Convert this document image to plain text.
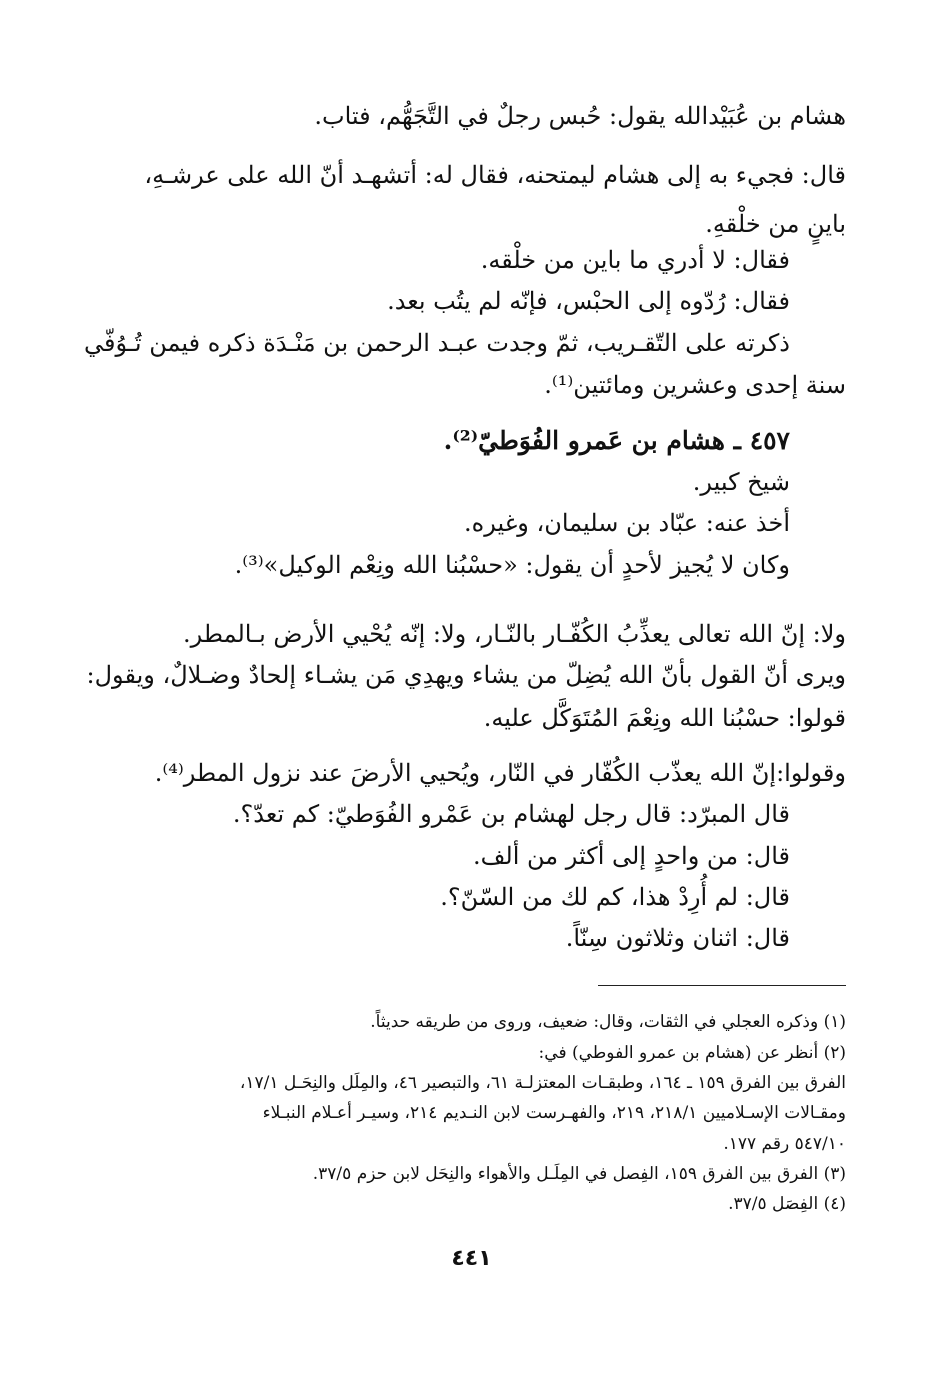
هشام بن عُبَيْدالله يقول: حُبس رجلٌ في التَّجَهُّم، فتاب.
قال: فجيء به إلى هشام ليمتحنه، فقال له: أتشهـد أنّ الله على عرشـهِ،
باينٍ من خلْقهِ.
فقال: لا أدري ما باين من خلْقه.
فقال: رُدّوه إلى الحبْس، فإنّه لم يتُب بعد.
ذكرته على التّقـريب، ثمّ وجدت عبـد الرحمن بن مَنْـدَة ذكره فيمن تُـوُفّي
سنة إحدى وعشرين ومائتين⁽¹⁾.
٤٥٧ ـ هشام بن عَمرو الفُوَطيّ⁽²⁾.
شيخ كبير.
أخذ عنه: عبّاد بن سليمان، وغيره.
وكان لا يُجيز لأحدٍ أن يقول: «حسْبُنا الله ونِعْم الوكيل»⁽³⁾.
ولا: إنّ الله تعالى يعذِّبُ الكُفّـار بالنّـار، ولا: إنّه يُحْيي الأرض بـالمطر.
ويرى أنّ القول بأنّ الله يُضِلّ من يشاء ويهدِي مَن يشـاء إلحادٌ وضـلالٌ، ويقول:
قولوا: حسْبُنا الله ونِعْمَ المُتَوَكَّل عليه.
وقولوا:إنّ الله يعذّب الكُفّار في النّار، ويُحيي الأرضَ عند نزول المطر⁽⁴⁾.
قال المبرّد: قال رجل لهشام بن عَمْرو الفُوَطيّ: كم تعدّ؟.
قال: من واحدٍ إلى أكثر من ألف.
قال: لم أُرِدْ هذا، كم لك من السّنّ؟.
قال: اثنان وثلاثون سِنّاً.
(١) وذكره العجلي في الثقات، وقال: ضعيف، وروى من طريقه حديثاً.
(٢) أنظر عن (هشام بن عمرو الفوطي) في:
الفرق بين الفرق ١٥٩ ـ ١٦٤، وطبقـات المعتزلـة ٦١، والتبصير ٤٦، والمِلَل والنِحَـل ١٧/١،
ومقـالات الإسـلاميين ٢١٨/١، ٢١٩، والفهـرست لابن النـديم ٢١٤، وسيـر أعـلام النبـلاء
٥٤٧/١٠ رقم ١٧٧.
(٣) الفرق بين الفرق ١٥٩، الفِصل في المِلَـل والأهواء والنِحَل لابن حزم ٣٧/٥.
(٤) الفِصَل ٣٧/٥.
٤٤١
